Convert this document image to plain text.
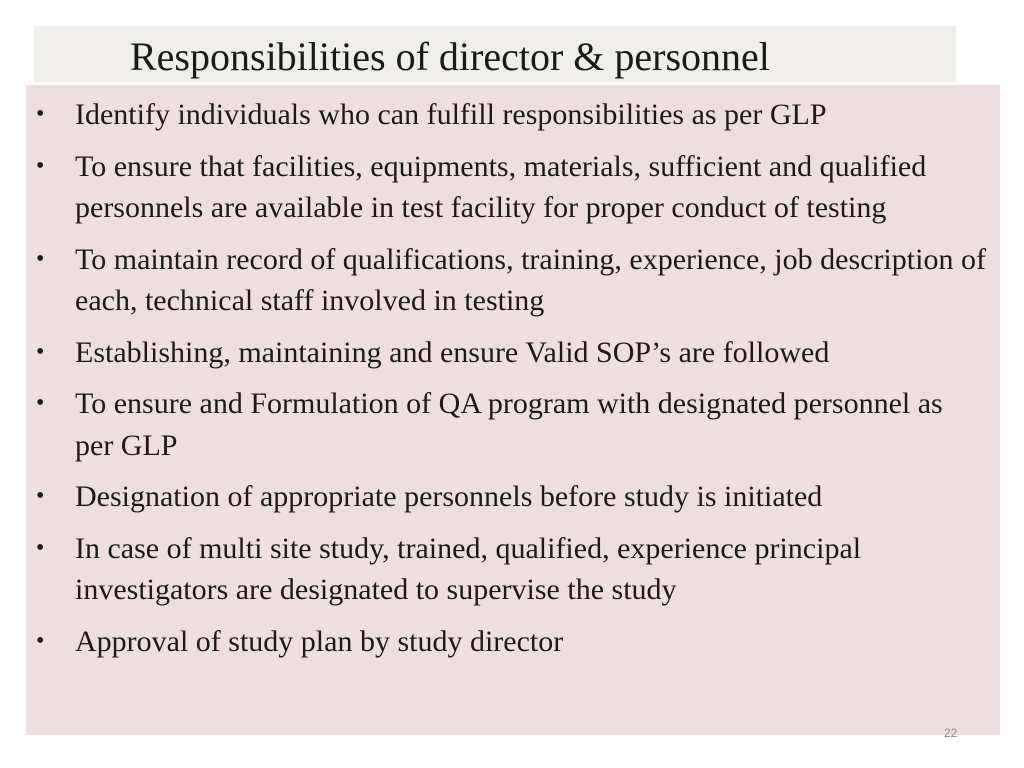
Responsibilities of director & personnel
•	Identify individuals who can fulfill responsibilities as per GLP
•	To ensure that facilities, equipments, materials, sufficient and qualified personnels are available in test facility for proper conduct of testing
•	To maintain record of qualifications, training, experience, job description of each, technical staff involved in testing
•	Establishing, maintaining and ensure Valid SOP’s are followed
•	To ensure and Formulation of QA program with designated personnel as per GLP
•	Designation of appropriate personnels before study is initiated
•	In case of multi site study, trained, qualified, experience principal investigators are designated to supervise the study
•	Approval of study plan by study director
22
